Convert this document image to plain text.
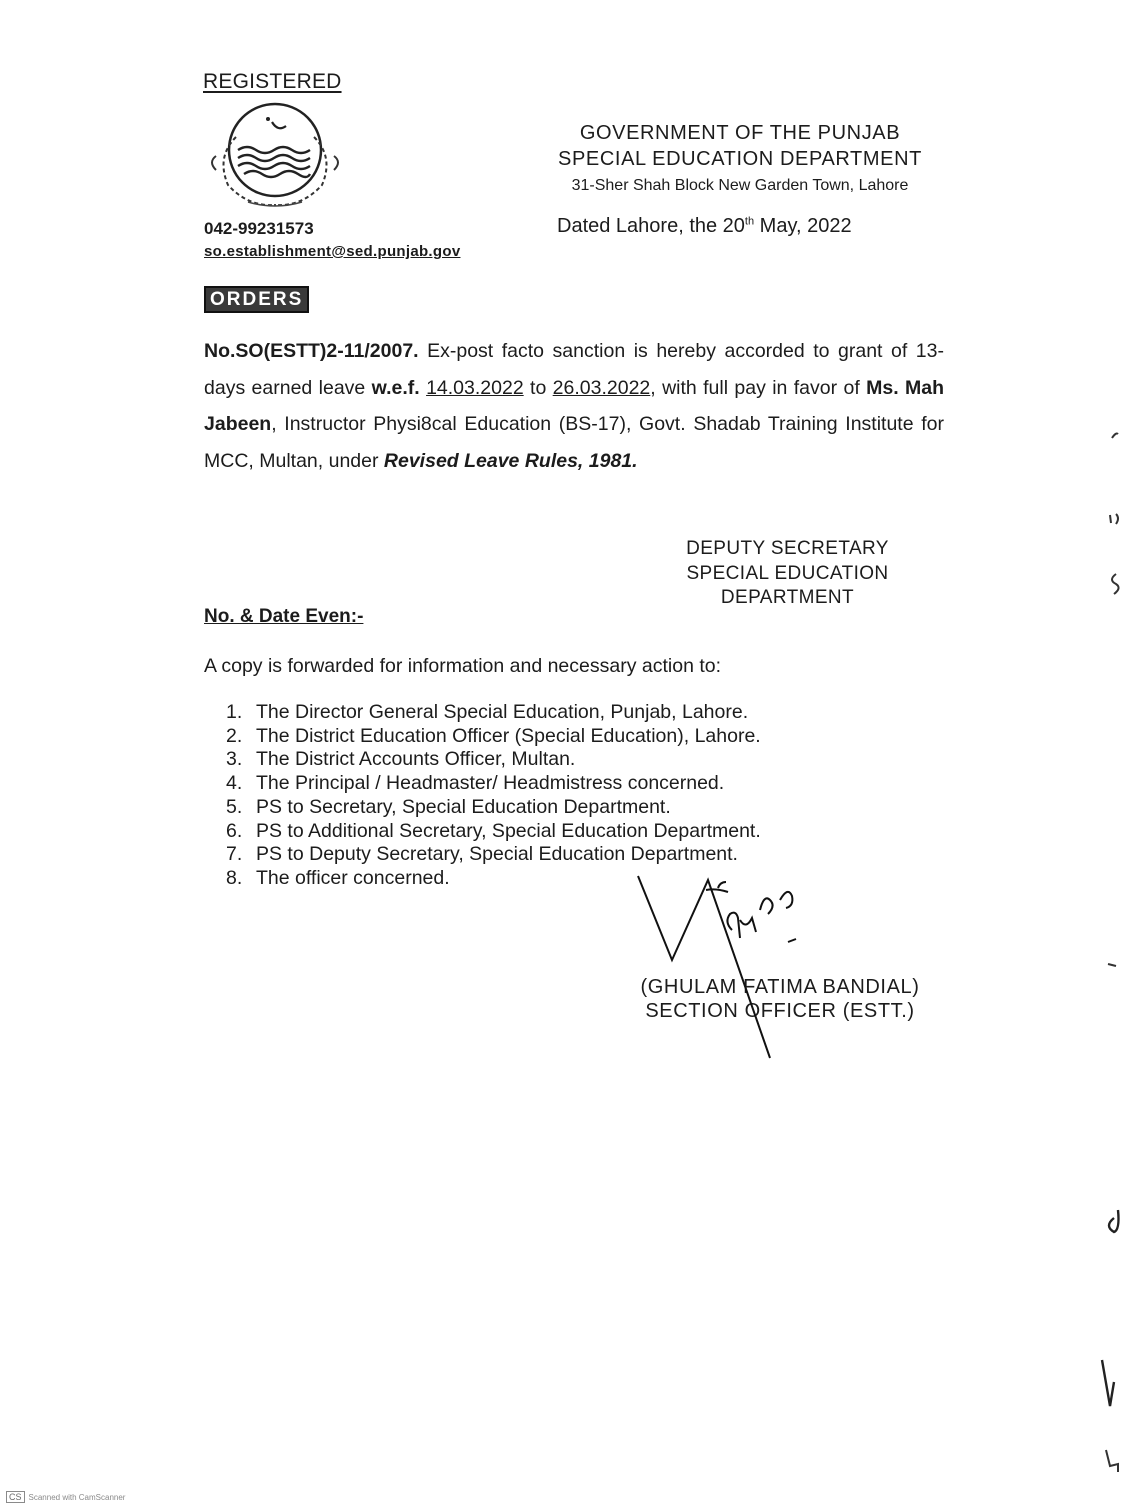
REGISTERED
GOVERNMENT OF THE PUNJAB
SPECIAL EDUCATION DEPARTMENT
31-Sher Shah Block New Garden Town, Lahore
042-99231573
so.establishment@sed.punjab.gov
Dated Lahore, the 20th May, 2022
ORDERS
No.SO(ESTT)2-11/2007. Ex-post facto sanction is hereby accorded to grant of 13-days earned leave w.e.f. 14.03.2022 to 26.03.2022, with full pay in favor of Ms. Mah Jabeen, Instructor Physi8cal Education (BS-17), Govt. Shadab Training Institute for MCC, Multan, under Revised Leave Rules, 1981.
DEPUTY SECRETARY
SPECIAL EDUCATION
DEPARTMENT
No. & Date Even:-
A copy is forwarded for information and necessary action to:
1. The Director General Special Education, Punjab, Lahore.
2. The District Education Officer (Special Education), Lahore.
3. The District Accounts Officer, Multan.
4. The Principal / Headmaster/ Headmistress concerned.
5. PS to Secretary, Special Education Department.
6. PS to Additional Secretary, Special Education Department.
7. PS to Deputy Secretary, Special Education Department.
8. The officer concerned.
(GHULAM FATIMA BANDIAL)
SECTION OFFICER (ESTT.)
CS Scanned with CamScanner
